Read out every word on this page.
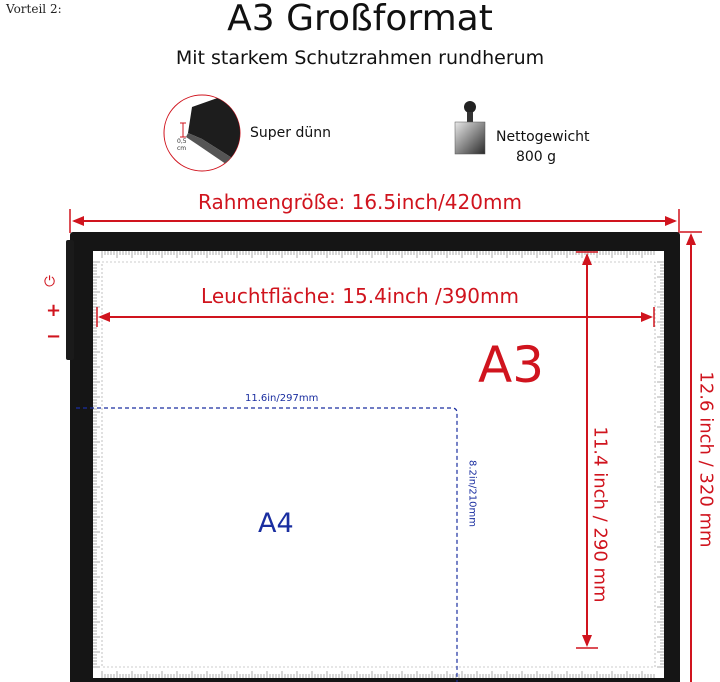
Vorteil 2:	A3 Großformat
Mit starkem Schutzrahmen rundherum
0,5
cm
Super dünn	Nettogewicht
800 g
Rahmengröße: 16.5inch/420mm
⏻
+
−
Leuchtfläche: 15.4inch /390mm
A3
11.6in/297mm
8.2in/210mm
A4	11.4 inch / 290 mm	12.6 inch / 320 mm
